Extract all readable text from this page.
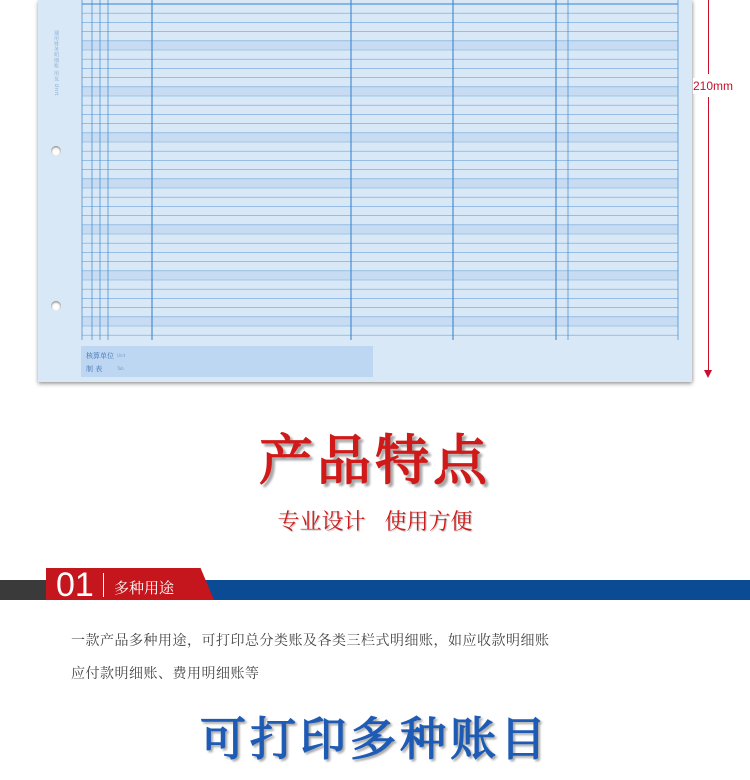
通用财务明细账 用友 Unit
核算单位 Unit
制 表	Tab
210mm
产品特点
专业设计 使用方便
01 多种用途
一款产品多种用途，可打印总分类账及各类三栏式明细账，如应收款明细账
应付款明细账、费用明细账等
可打印多种账目
